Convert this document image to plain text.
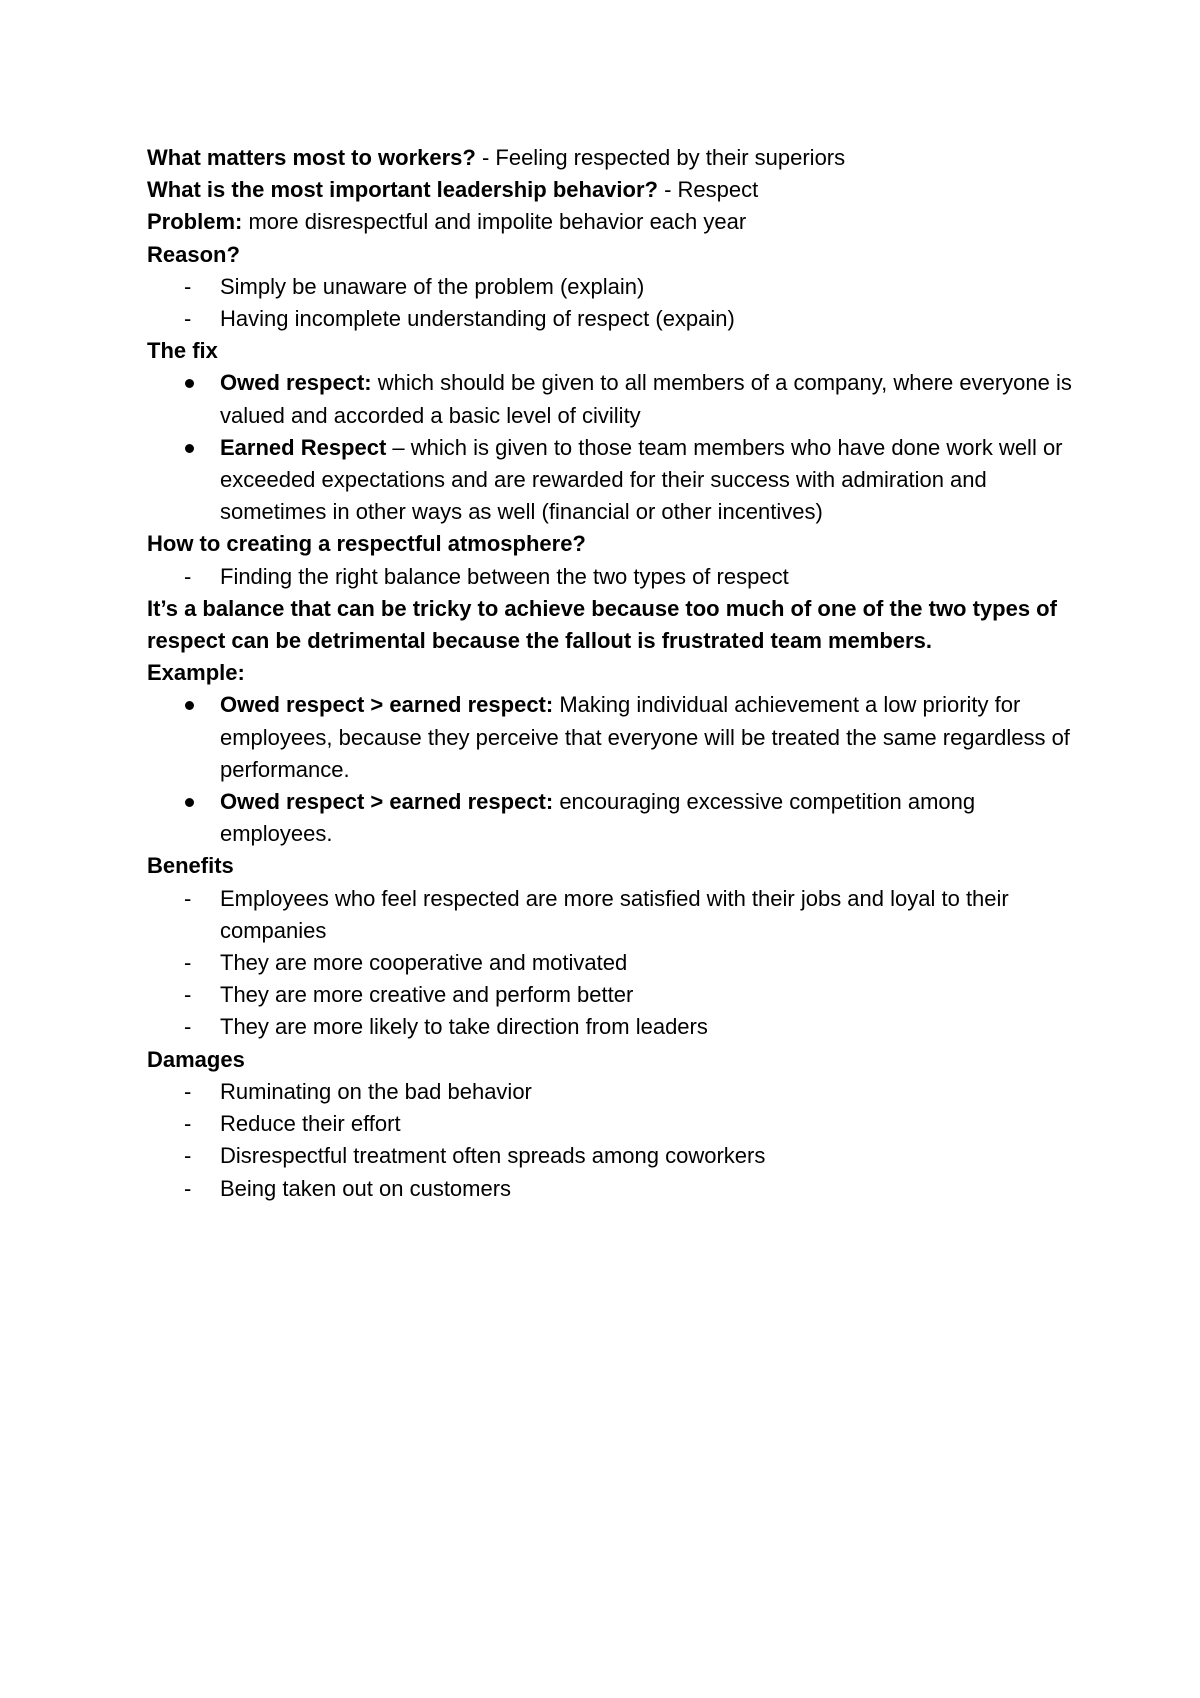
What matters most to workers? - Feeling respected by their superiors

What is the most important leadership behavior? - Respect

Problem: more disrespectful and impolite behavior each year

Reason?

-	Simply be unaware of the problem (explain)
-	Having incomplete understanding of respect (expain)

The fix

Owed respect: which should be given to all members of a company, where everyone is valued and accorded a basic level of civility
Earned Respect – which is given to those team members who have done work well or exceeded expectations and are rewarded for their success with admiration and sometimes in other ways as well (financial or other incentives)

How to creating a respectful atmosphere?

-	Finding the right balance between the two types of respect

It’s a balance that can be tricky to achieve because too much of one of the two types of respect can be detrimental because the fallout is frustrated team members.

Example:

Owed respect > earned respect: Making individual achievement a low priority for employees, because they perceive that everyone will be treated the same regardless of performance.
Owed respect > earned respect: encouraging excessive competition among employees.

Benefits

-	Employees who feel respected are more satisfied with their jobs and loyal to their companies
-	They are more cooperative and motivated
-	They are more creative and perform better
-	They are more likely to take direction from leaders

Damages

-	Ruminating on the bad behavior
-	Reduce their effort
-	Disrespectful treatment often spreads among coworkers
-	Being taken out on customers
